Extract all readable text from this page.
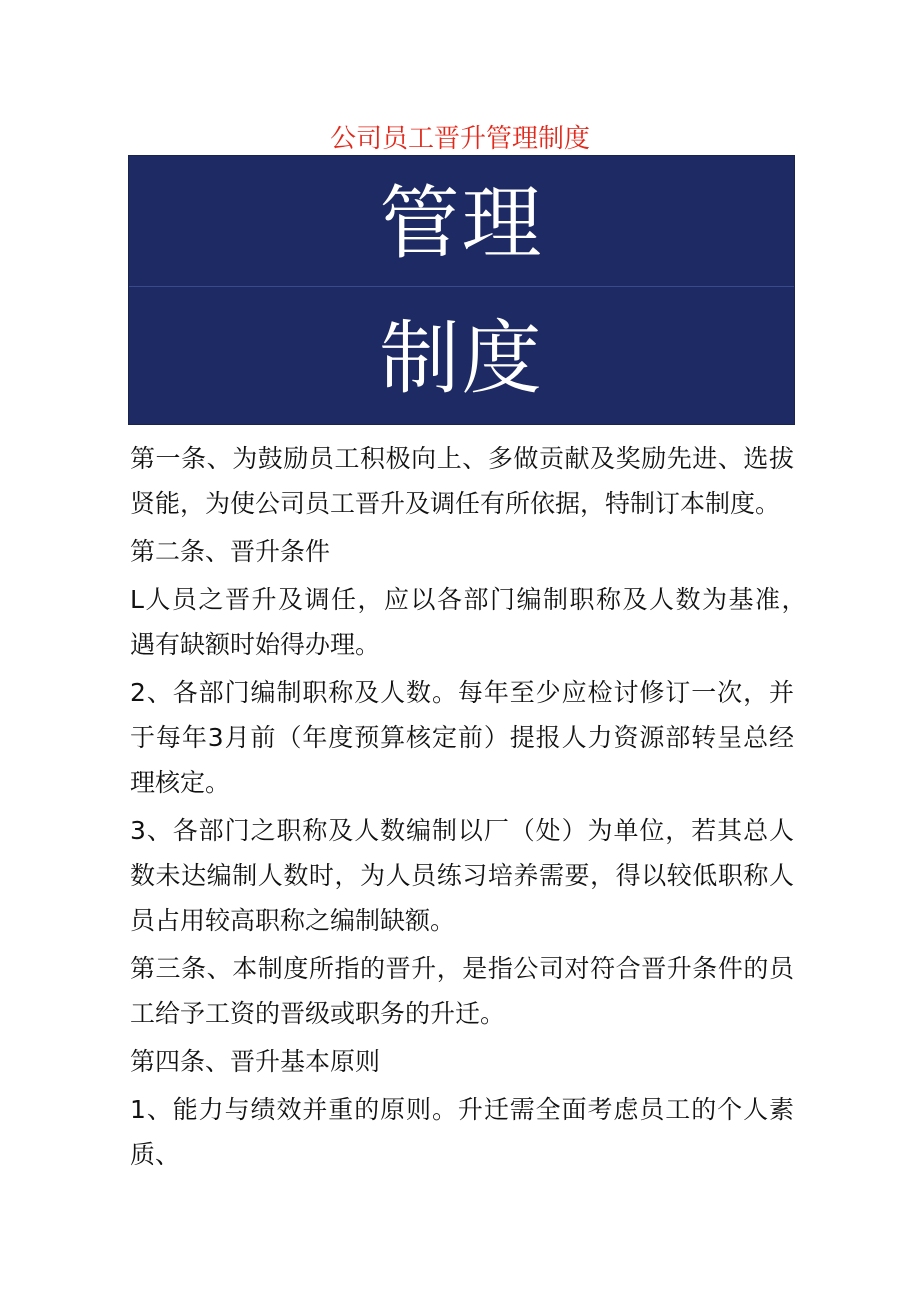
公司员工晋升管理制度
管理
制度

第一条、为鼓励员工积极向上、多做贡献及奖励先进、选拔贤能，为使公司员工晋升及调任有所依据，特制订本制度。

第二条、晋升条件

L人员之晋升及调任，应以各部门编制职称及人数为基准，　遇有缺额时始得办理。

2、各部门编制职称及人数。每年至少应检讨修订一次，并　于每年3月前（年度预算核定前）提报人力资源部转呈总经　理核定。

3、各部门之职称及人数编制以厂（处）为单位，若其总人　数未达编制人数时，为人员练习培养需要，得以较低职称人　员占用较高职称之编制缺额。

第三条、本制度所指的晋升，是指公司对符合晋升条件的员工给予工资的晋级或职务的升迁。

第四条、晋升基本原则

1、能力与绩效并重的原则。升迁需全面考虑员工的个人素　质、
